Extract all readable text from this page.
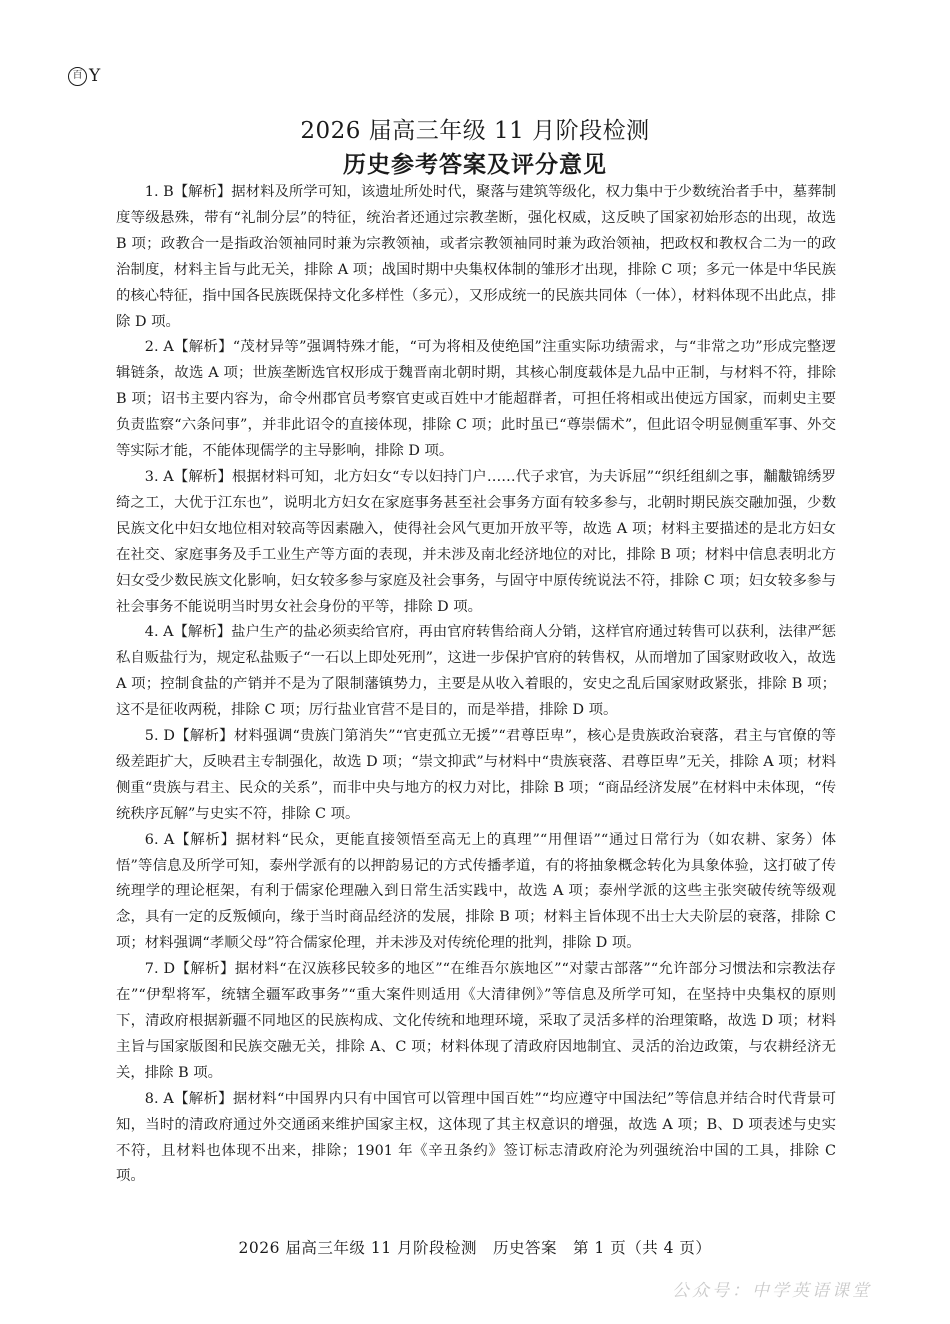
百 Y
2026 届高三年级 11 月阶段检测
历史参考答案及评分意见

1. B【解析】据材料及所学可知，该遗址所处时代，聚落与建筑等级化，权力集中于少数统治者手中，墓葬制度等级悬殊，带有“礼制分层”的特征，统治者还通过宗教垄断，强化权威，这反映了国家初始形态的出现，故选 B 项；政教合一是指政治领袖同时兼为宗教领袖，或者宗教领袖同时兼为政治领袖，把政权和教权合二为一的政治制度，材料主旨与此无关，排除 A 项；战国时期中央集权体制的雏形才出现，排除 C 项；多元一体是中华民族的核心特征，指中国各民族既保持文化多样性（多元），又形成统一的民族共同体（一体），材料体现不出此点，排除 D 项。

2. A【解析】“茂材异等”强调特殊才能，“可为将相及使绝国”注重实际功绩需求，与“非常之功”形成完整逻辑链条，故选 A 项；世族垄断选官权形成于魏晋南北朝时期，其核心制度载体是九品中正制，与材料不符，排除 B 项；诏书主要内容为，命令州郡官员考察官吏或百姓中才能超群者，可担任将相或出使远方国家，而刺史主要负责监察“六条问事”，并非此诏令的直接体现，排除 C 项；此时虽已“尊崇儒术”，但此诏令明显侧重军事、外交等实际才能，不能体现儒学的主导影响，排除 D 项。

3. A【解析】根据材料可知，北方妇女“专以妇持门户……代子求官，为夫诉屈”“织纴组紃之事，黼黻锦绣罗绮之工，大优于江东也”，说明北方妇女在家庭事务甚至社会事务方面有较多参与，北朝时期民族交融加强，少数民族文化中妇女地位相对较高等因素融入，使得社会风气更加开放平等，故选 A 项；材料主要描述的是北方妇女在社交、家庭事务及手工业生产等方面的表现，并未涉及南北经济地位的对比，排除 B 项；材料中信息表明北方妇女受少数民族文化影响，妇女较多参与家庭及社会事务，与固守中原传统说法不符，排除 C 项；妇女较多参与社会事务不能说明当时男女社会身份的平等，排除 D 项。

4. A【解析】盐户生产的盐必须卖给官府，再由官府转售给商人分销，这样官府通过转售可以获利，法律严惩私自贩盐行为，规定私盐贩子“一石以上即处死刑”，这进一步保护官府的转售权，从而增加了国家财政收入，故选 A 项；控制食盐的产销并不是为了限制藩镇势力，主要是从收入着眼的，安史之乱后国家财政紧张，排除 B 项；这不是征收两税，排除 C 项；厉行盐业官营不是目的，而是举措，排除 D 项。

5. D【解析】材料强调“贵族门第消失”“官吏孤立无援”“君尊臣卑”，核心是贵族政治衰落，君主与官僚的等级差距扩大，反映君主专制强化，故选 D 项；“崇文抑武”与材料中“贵族衰落、君尊臣卑”无关，排除 A 项；材料侧重“贵族与君主、民众的关系”，而非中央与地方的权力对比，排除 B 项；“商品经济发展”在材料中未体现，“传统秩序瓦解”与史实不符，排除 C 项。

6. A【解析】据材料“民众，更能直接领悟至高无上的真理”“用俚语”“通过日常行为（如农耕、家务）体悟”等信息及所学可知，泰州学派有的以押韵易记的方式传播孝道，有的将抽象概念转化为具象体验，这打破了传统理学的理论框架，有利于儒家伦理融入到日常生活实践中，故选 A 项；泰州学派的这些主张突破传统等级观念，具有一定的反叛倾向，缘于当时商品经济的发展，排除 B 项；材料主旨体现不出士大夫阶层的衰落，排除 C 项；材料强调“孝顺父母”符合儒家伦理，并未涉及对传统伦理的批判，排除 D 项。

7. D【解析】据材料“在汉族移民较多的地区”“在维吾尔族地区”“对蒙古部落”“允许部分习惯法和宗教法存在”“伊犁将军，统辖全疆军政事务”“重大案件则适用《大清律例》”等信息及所学可知，在坚持中央集权的原则下，清政府根据新疆不同地区的民族构成、文化传统和地理环境，采取了灵活多样的治理策略，故选 D 项；材料主旨与国家版图和民族交融无关，排除 A、C 项；材料体现了清政府因地制宜、灵活的治边政策，与农耕经济无关，排除 B 项。

8. A【解析】据材料“中国界内只有中国官可以管理中国百姓”“均应遵守中国法纪”等信息并结合时代背景可知，当时的清政府通过外交通函来维护国家主权，这体现了其主权意识的增强，故选 A 项；B、D 项表述与史实不符，且材料也体现不出来，排除；1901 年《辛丑条约》签订标志清政府沦为列强统治中国的工具，排除 C 项。

2026 届高三年级 11 月阶段检测　历史答案　第 1 页（共 4 页）
公众号：中学英语课堂
